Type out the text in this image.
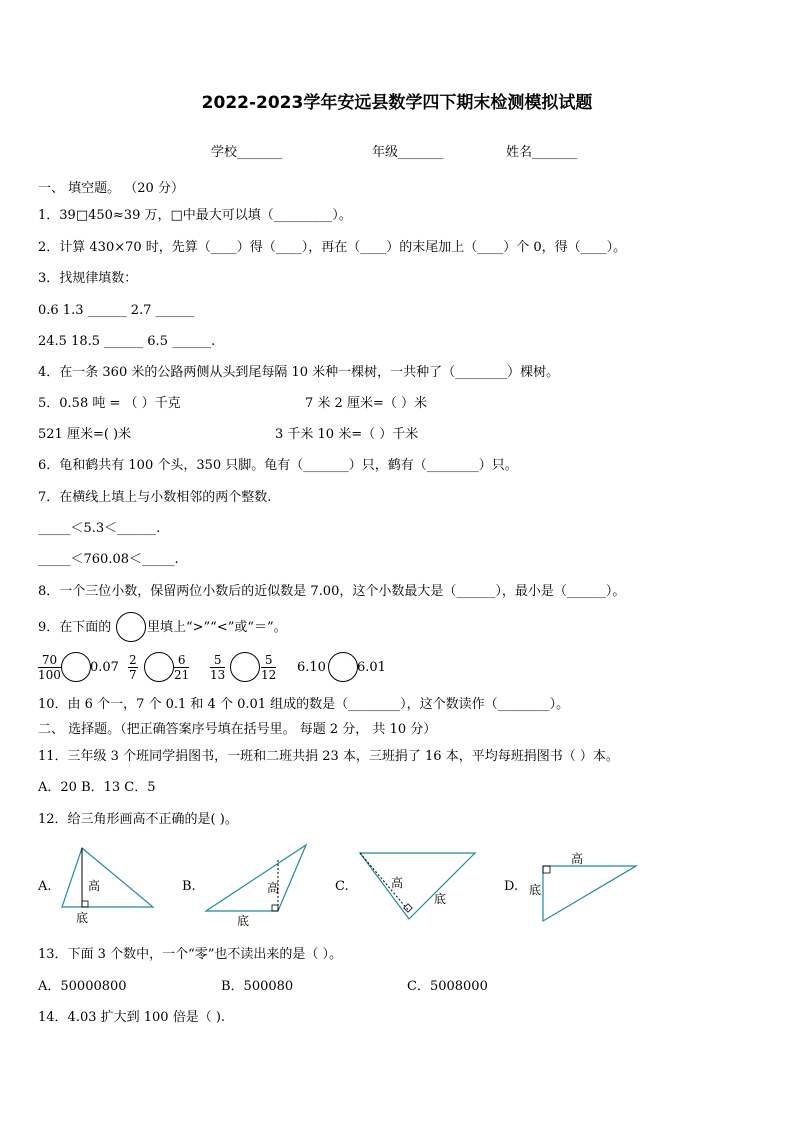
2022-2023学年安远县数学四下期末检测模拟试题
学校_______	年级_______	姓名_______
一、 填空题。 （20 分）
1．39□450≈39 万，□中最大可以填（_________）。
2．计算 430×70 时，先算（____）得（____），再在（____）的末尾加上（____）个 0，得（____）。
3．找规律填数：
0.6 1.3 ______ 2.7 ______
24.5 18.5 ______ 6.5 ______.
4．在一条 360 米的公路两侧从头到尾每隔 10 米种一棵树，一共种了（________）棵树。
5．0.58 吨 = （ ）千克	7 米 2 厘米=（ ）米
521 厘米=( )米	3 千米 10 米=（ ）千米
6．龟和鹤共有 100 个头，350 只脚。龟有（_______）只，鹤有（________）只。
7．在横线上填上与小数相邻的两个整数.
_____＜5.3＜______.
_____＜760.08＜_____.
8．一个三位小数，保留两位小数后的近似数是 7.00，这个小数最大是（______），最小是（______）。
9．在下面的	里填上“>”“<”或“＝”。
$\frac{70}{100} 0.07 \frac{2}{7}$	$\frac{6}{21} \frac{5}{13}$	$\frac{5}{12} 6.10$ 6.01
10．由 6 个一，7 个 0.1 和 4 个 0.01 组成的数是（________），这个数读作（________）。
二、 选择题。（把正确答案序号填在括号里。 每题 2 分， 共 10 分）
11．三年级 3 个班同学捐图书，一班和二班共捐 23 本，三班捐了 16 本，平均每班捐图书（ ）本。
A．20 B．13 C．5
12．给三角形画高不正确的是( )。
A.	高
底
B.	高
底
C.	高
底
D.
高
底
13．下面 3 个数中，一个“零”也不读出来的是（ ）。
A．50000800	B．500080	C．5008000
14．4.03 扩大到 100 倍是（ ).
